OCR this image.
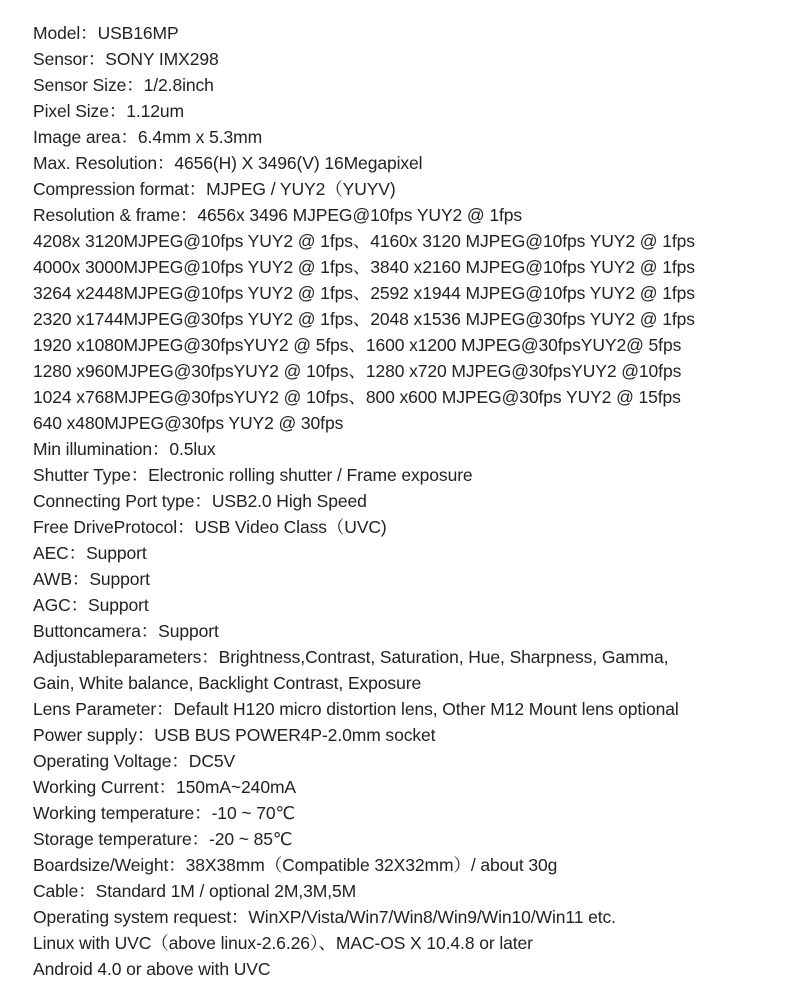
Model：USB16MP
Sensor：SONY IMX298
Sensor Size：1/2.8inch
Pixel Size：1.12um
Image area：6.4mm x 5.3mm
Max. Resolution：4656(H) X 3496(V) 16Megapixel
Compression format：MJPEG / YUY2（YUYV)
Resolution & frame：4656x 3496 MJPEG@10fps YUY2 @ 1fps
4208x 3120MJPEG@10fps YUY2 @ 1fps、4160x 3120 MJPEG@10fps YUY2 @ 1fps
4000x 3000MJPEG@10fps YUY2 @ 1fps、3840 x2160 MJPEG@10fps YUY2 @ 1fps
3264 x2448MJPEG@10fps YUY2 @ 1fps、2592 x1944 MJPEG@10fps YUY2 @ 1fps
2320 x1744MJPEG@30fps YUY2 @ 1fps、2048 x1536 MJPEG@30fps YUY2 @ 1fps
1920 x1080MJPEG@30fpsYUY2 @ 5fps、1600 x1200 MJPEG@30fpsYUY2@ 5fps
1280 x960MJPEG@30fpsYUY2 @ 10fps、1280 x720 MJPEG@30fpsYUY2 @10fps
1024 x768MJPEG@30fpsYUY2 @ 10fps、800 x600 MJPEG@30fps YUY2 @ 15fps
640 x480MJPEG@30fps YUY2 @ 30fps
Min illumination：0.5lux
Shutter Type：Electronic rolling shutter / Frame exposure
Connecting Port type：USB2.0 High Speed
Free DriveProtocol：USB Video Class（UVC)
AEC：Support
AWB：Support
AGC：Support
Buttoncamera：Support
Adjustableparameters：Brightness,Contrast, Saturation, Hue, Sharpness, Gamma,
Gain, White balance, Backlight Contrast, Exposure
Lens Parameter：Default H120 micro distortion lens, Other M12 Mount lens optional
Power supply：USB BUS POWER4P-2.0mm socket
Operating Voltage：DC5V
Working Current：150mA~240mA
Working temperature：-10 ~ 70℃
Storage temperature：-20 ~ 85℃
Boardsize/Weight：38X38mm（Compatible 32X32mm）/ about 30g
Cable：Standard 1M / optional 2M,3M,5M
Operating system request：WinXP/Vista/Win7/Win8/Win9/Win10/Win11 etc.
Linux with UVC（above linux-2.6.26）、MAC-OS X 10.4.8 or later
Android 4.0 or above with UVC
